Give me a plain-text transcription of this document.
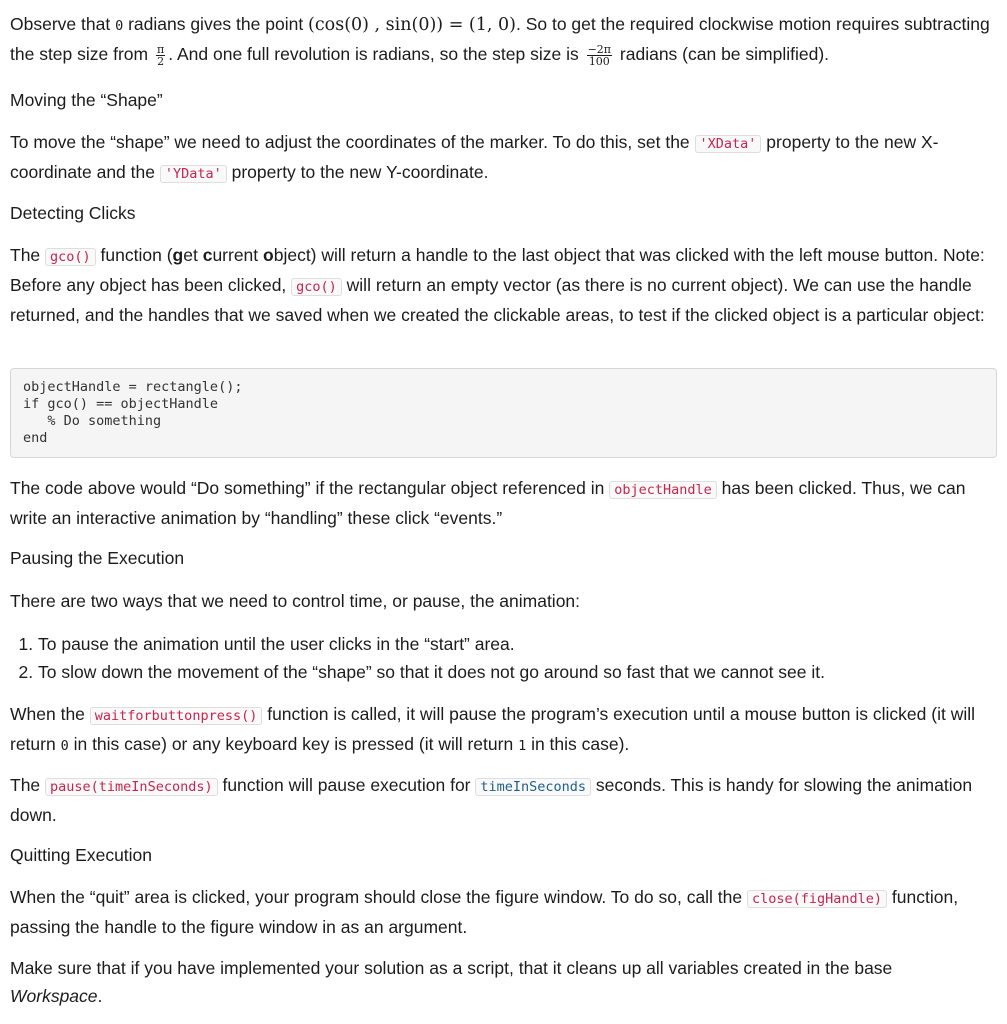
Observe that 0 radians gives the point (cos(0) , sin(0)) = (1, 0). So to get the required clockwise motion requires subtracting the step size from $\frac{\pi}{2}$ . And one full revolution is radians, so the step size is $\frac{-2\pi}{100}$ radians (can be simplified).

Moving the “Shape”

To move the “shape” we need to adjust the coordinates of the marker. To do this, set the 'XData' property to the new X-coordinate and the 'YData' property to the new Y-coordinate.

Detecting Clicks

The gco() function (get current object) will return a handle to the last object that was clicked with the left mouse button. Note: Before any object has been clicked, gco() will return an empty vector (as there is no current object). We can use the handle returned, and the handles that we saved when we created the clickable areas, to test if the clicked object is a particular object:

objectHandle = rectangle();
if gco() == objectHandle
% Do something
end

The code above would “Do something” if the rectangular object referenced in objectHandle has been clicked. Thus, we can write an interactive animation by “handling” these click “events.”

Pausing the Execution

There are two ways that we need to control time, or pause, the animation:

1. To pause the animation until the user clicks in the “start” area.
2. To slow down the movement of the “shape” so that it does not go around so fast that we cannot see it.

When the waitforbuttonpress() function is called, it will pause the program’s execution until a mouse button is clicked (it will return 0 in this case) or any keyboard key is pressed (it will return 1 in this case).

The pause(timeInSeconds) function will pause execution for timeInSeconds seconds. This is handy for slowing the animation down.

Quitting Execution

When the “quit” area is clicked, your program should close the figure window. To do so, call the close(figHandle) function, passing the handle to the figure window in as an argument.

Make sure that if you have implemented your solution as a script, that it cleans up all variables created in the base Workspace.
